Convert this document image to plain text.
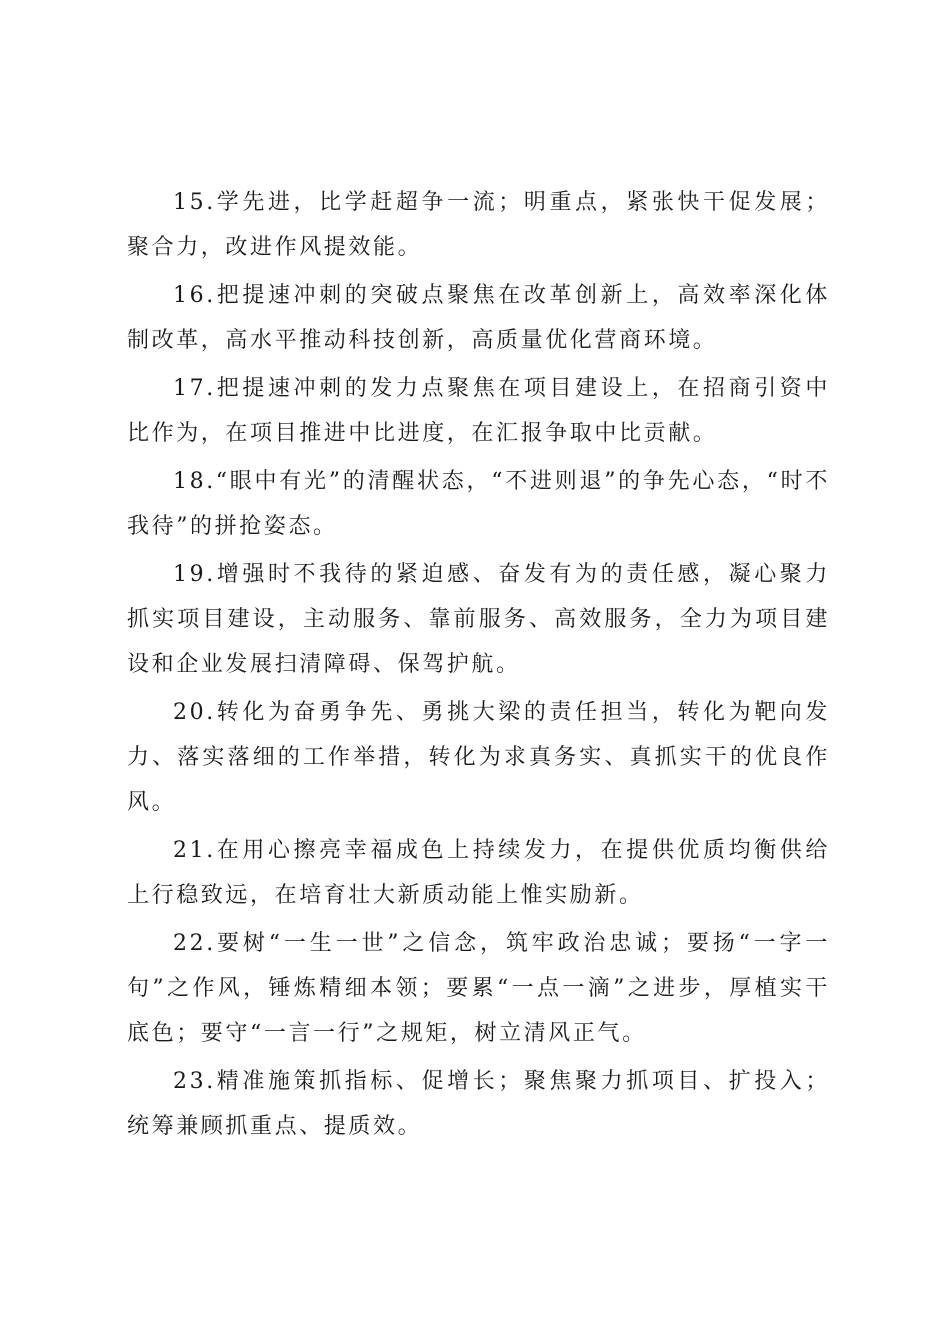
15.学先进，比学赶超争一流；明重点，紧张快干促发展；聚合力，改进作风提效能。

16.把提速冲刺的突破点聚焦在改革创新上，高效率深化体制改革，高水平推动科技创新，高质量优化营商环境。

17.把提速冲刺的发力点聚焦在项目建设上，在招商引资中比作为，在项目推进中比进度，在汇报争取中比贡献。

18.“眼中有光”的清醒状态，“不进则退”的争先心态，“时不我待”的拼抢姿态。

19.增强时不我待的紧迫感、奋发有为的责任感，凝心聚力抓实项目建设，主动服务、靠前服务、高效服务，全力为项目建设和企业发展扫清障碍、保驾护航。

20.转化为奋勇争先、勇挑大梁的责任担当，转化为靶向发力、落实落细的工作举措，转化为求真务实、真抓实干的优良作风。

21.在用心擦亮幸福成色上持续发力，在提供优质均衡供给上行稳致远，在培育壮大新质动能上惟实励新。

22.要树“一生一世”之信念，筑牢政治忠诚；要扬“一字一句”之作风，锤炼精细本领；要累“一点一滴”之进步，厚植实干底色；要守“一言一行”之规矩，树立清风正气。

23.精准施策抓指标、促增长；聚焦聚力抓项目、扩投入；统筹兼顾抓重点、提质效。
